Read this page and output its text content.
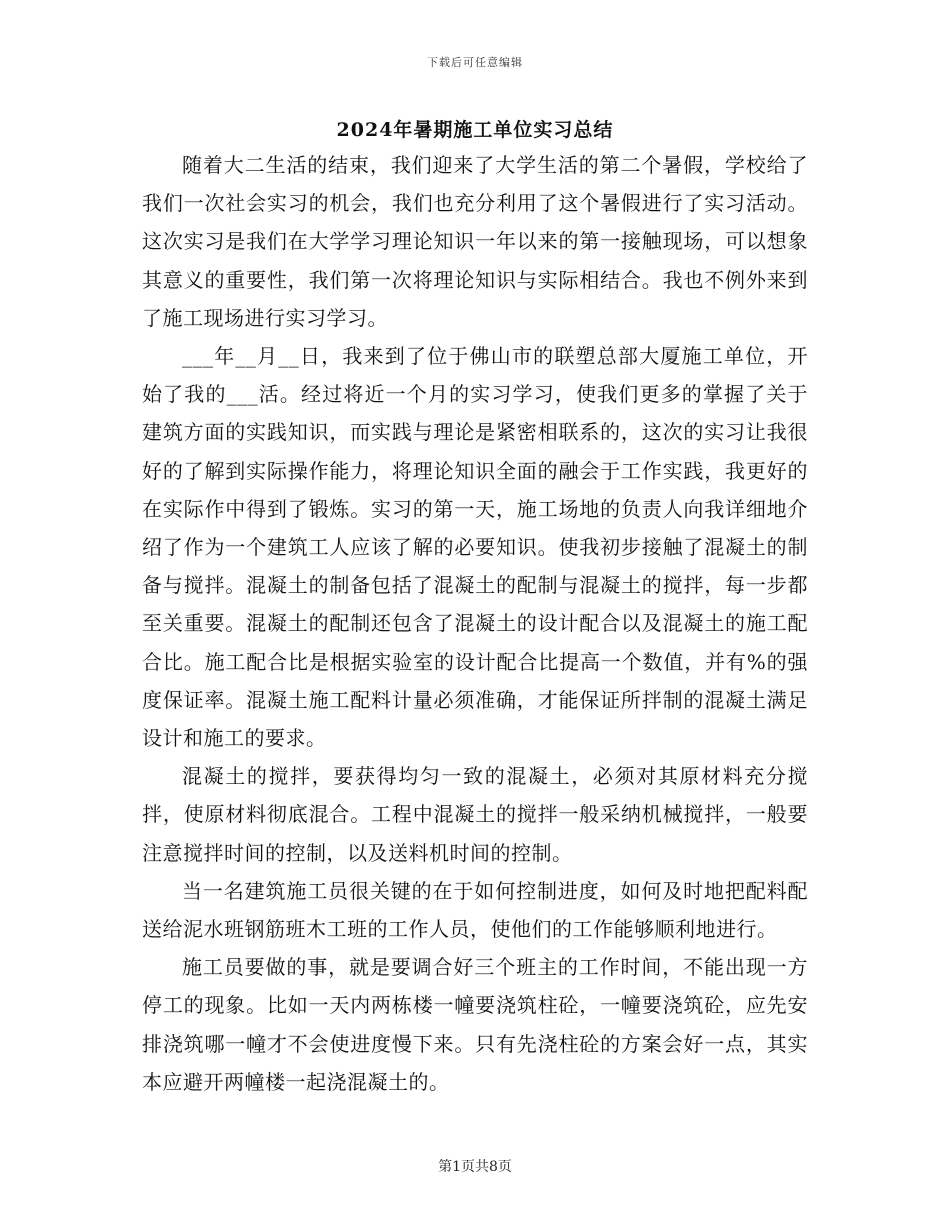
下载后可任意编辑
2024年暑期施工单位实习总结

随着大二生活的结束，我们迎来了大学生活的第二个暑假，学校给了我们一次社会实习的机会，我们也充分利用了这个暑假进行了实习活动。这次实习是我们在大学学习理论知识一年以来的第一接触现场，可以想象其意义的重要性，我们第一次将理论知识与实际相结合。我也不例外来到了施工现场进行实习学习。

___年__月__日，我来到了位于佛山市的联塑总部大厦施工单位，开始了我的___活。经过将近一个月的实习学习，使我们更多的掌握了关于建筑方面的实践知识，而实践与理论是紧密相联系的，这次的实习让我很好的了解到实际操作能力，将理论知识全面的融会于工作实践，我更好的在实际作中得到了锻炼。实习的第一天，施工场地的负责人向我详细地介绍了作为一个建筑工人应该了解的必要知识。使我初步接触了混凝土的制备与搅拌。混凝土的制备包括了混凝土的配制与混凝土的搅拌，每一步都至关重要。混凝土的配制还包含了混凝土的设计配合以及混凝土的施工配合比。施工配合比是根据实验室的设计配合比提高一个数值，并有%的强度保证率。混凝土施工配料计量必须准确，才能保证所拌制的混凝土满足设计和施工的要求。

混凝土的搅拌，要获得均匀一致的混凝土，必须对其原材料充分搅拌，使原材料彻底混合。工程中混凝土的搅拌一般采纳机械搅拌，一般要注意搅拌时间的控制，以及送料机时间的控制。

当一名建筑施工员很关键的在于如何控制进度，如何及时地把配料配送给泥水班钢筋班木工班的工作人员，使他们的工作能够顺利地进行。

施工员要做的事，就是要调合好三个班主的工作时间，不能出现一方停工的现象。比如一天内两栋楼一幢要浇筑柱砼，一幢要浇筑砼，应先安排浇筑哪一幢才不会使进度慢下来。只有先浇柱砼的方案会好一点，其实本应避开两幢楼一起浇混凝土的。

第1页共8页
